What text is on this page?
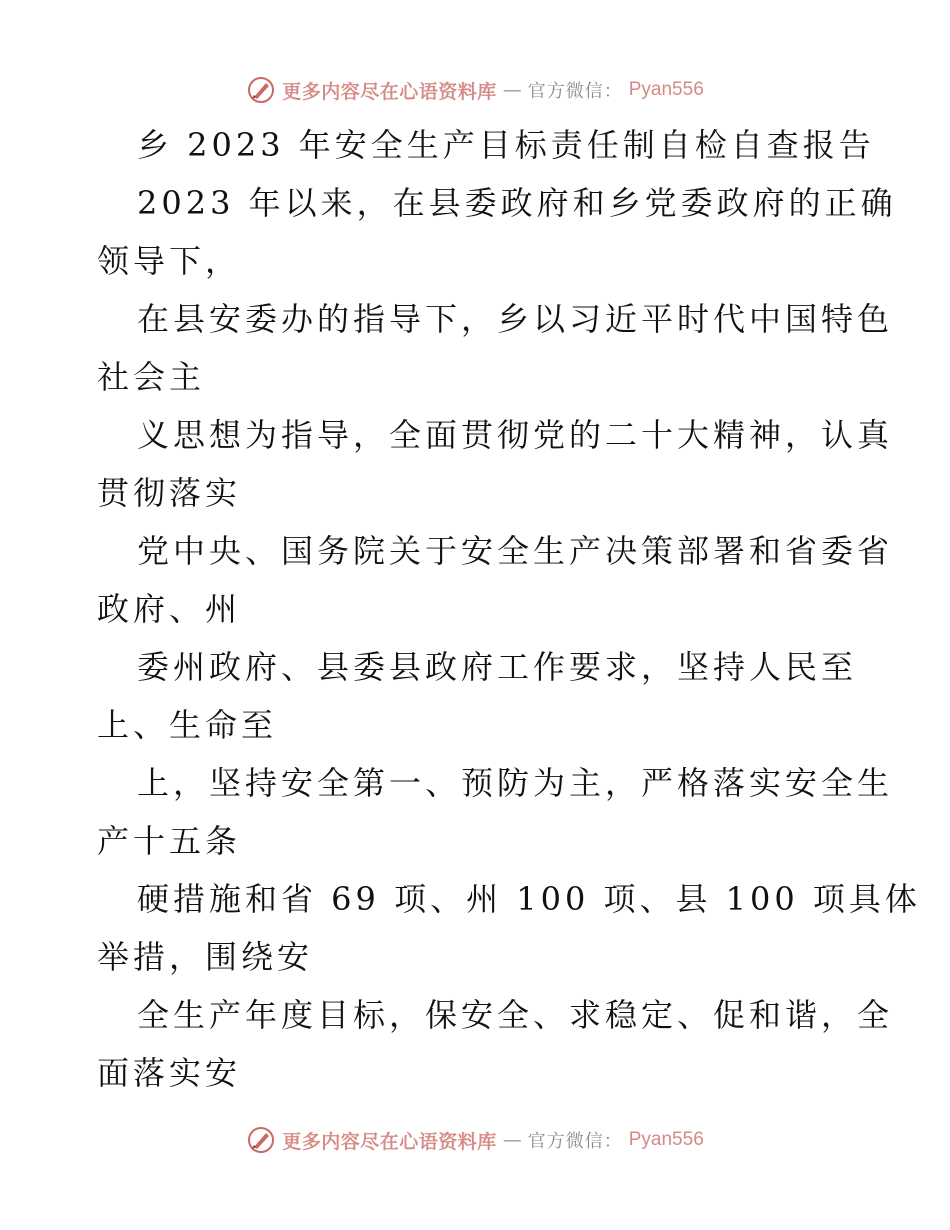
更多内容尽在心语资料库 — 官方微信： Pyan556
乡 2023 年安全生产目标责任制自检自查报告
2023 年以来，在县委政府和乡党委政府的正确
领导下，
在县安委办的指导下，乡以习近平时代中国特色
社会主
义思想为指导，全面贯彻党的二十大精神，认真
贯彻落实
党中央、国务院关于安全生产决策部署和省委省
政府、州
委州政府、县委县政府工作要求，坚持人民至
上、生命至
上，坚持安全第一、预防为主，严格落实安全生
产十五条
硬措施和省 69 项、州 100 项、县 100 项具体
举措，围绕安
全生产年度目标，保安全、求稳定、促和谐，全
面落实安
更多内容尽在心语资料库 — 官方微信： Pyan556
